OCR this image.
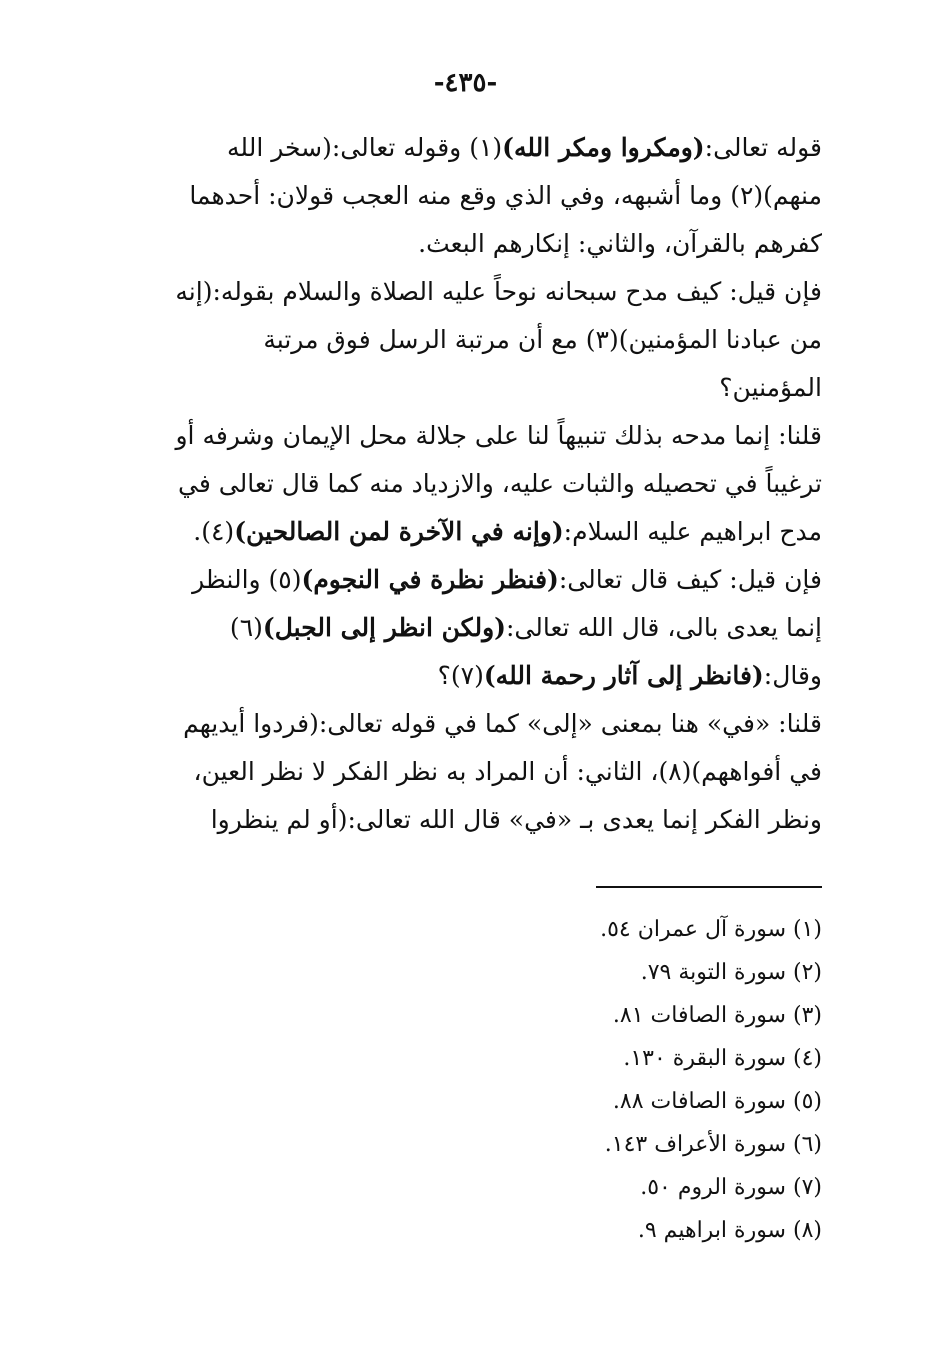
-٤٣٥-
قوله تعالى:(ومكروا ومكر الله)(١) وقوله تعالى:(سخر الله
منهم)(٢) وما أشبهه، وفي الذي وقع منه العجب قولان: أحدهما
كفرهم بالقرآن، والثاني: إنكارهم البعث.
فإن قيل: كيف مدح سبحانه نوحاً عليه الصلاة والسلام بقوله:(إنه
من عبادنا المؤمنين)(٣) مع أن مرتبة الرسل فوق مرتبة
المؤمنين؟
قلنا: إنما مدحه بذلك تنبيهاً لنا على جلالة محل الإيمان وشرفه أو
ترغيباً في تحصيله والثبات عليه، والازدياد منه كما قال تعالى في
مدح ابراهيم عليه السلام:(وإنه في الآخرة لمن الصالحين)(٤).
فإن قيل: كيف قال تعالى:(فنظر نظرة في النجوم)(٥) والنظر
إنما يعدى بالى، قال الله تعالى:(ولكن انظر إلى الجبل)(٦)
وقال:(فانظر إلى آثار رحمة الله)(٧)؟
قلنا: «في» هنا بمعنى «إلى» كما في قوله تعالى:(فردوا أيديهم
في أفواههم)(٨)، الثاني: أن المراد به نظر الفكر لا نظر العين،
ونظر الفكر إنما يعدى بـ «في» قال الله تعالى:(أو لم ينظروا
(١) سورة آل عمران ٥٤.
(٢) سورة التوبة ٧٩.
(٣) سورة الصافات ٨١.
(٤) سورة البقرة ١٣٠.
(٥) سورة الصافات ٨٨.
(٦) سورة الأعراف ١٤٣.
(٧) سورة الروم ٥٠.
(٨) سورة ابراهيم ٩.
